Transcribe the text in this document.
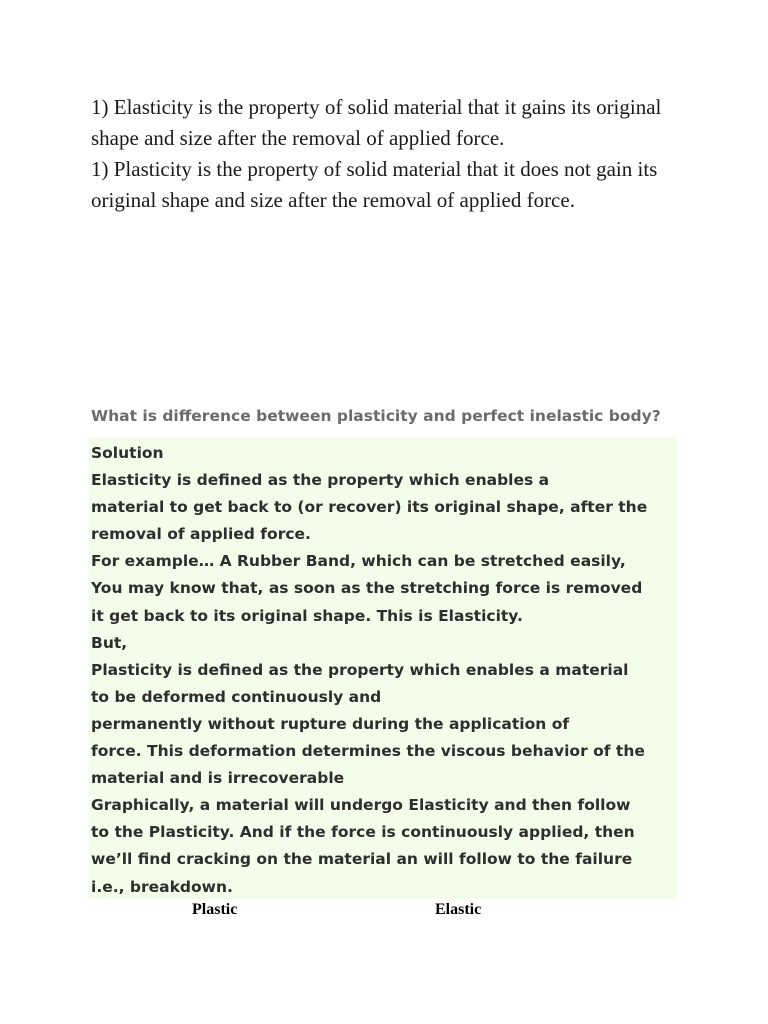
1) Elasticity is the property of solid material that it gains its original shape and size after the removal of applied force.

1) Plasticity is the property of solid material that it does not gain its original shape and size after the removal of applied force.

What is difference between plasticity and perfect inelastic body?
Solution
Elasticity is defined as the property which enables a
material to get back to (or recover) its original shape, after the
removal of applied force.
For example… A Rubber Band, which can be stretched easily,
You may know that, as soon as the stretching force is removed
it get back to its original shape. This is Elasticity.
But,
Plasticity is defined as the property which enables a material
to be deformed continuously and
permanently without rupture during the application of
force. This deformation determines the viscous behavior of the
material and is irrecoverable
Graphically, a material will undergo Elasticity and then follow
to the Plasticity. And if the force is continuously applied, then
we’ll find cracking on the material an will follow to the failure
i.e., breakdown.
Plastic	Elastic
